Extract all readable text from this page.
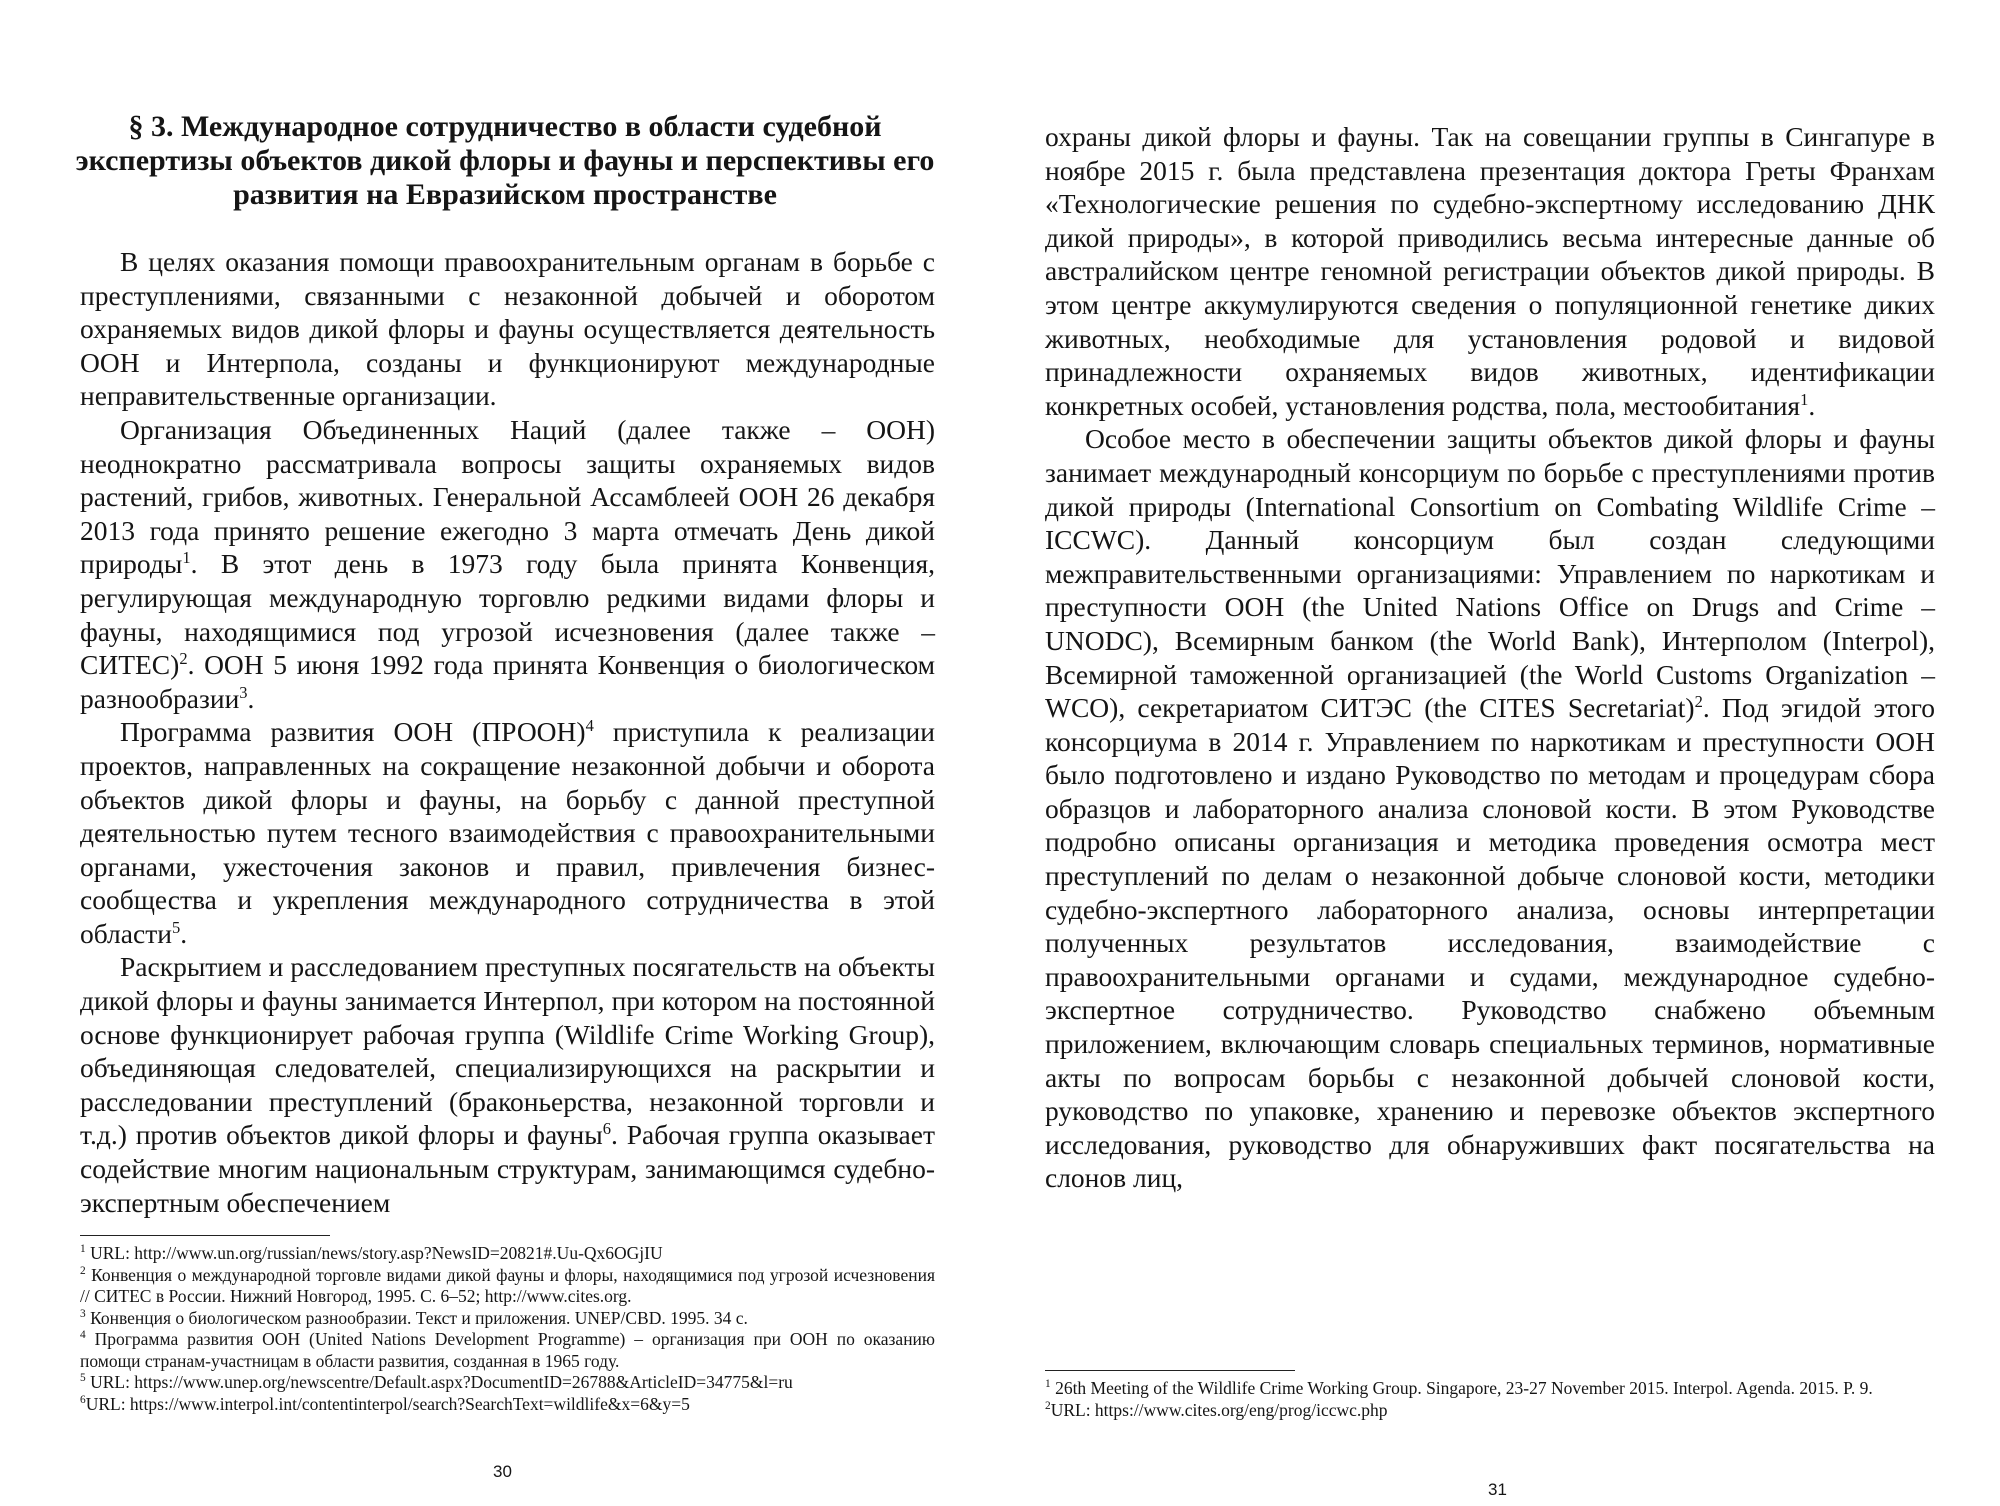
§ 3. Международное сотрудничество в области судебной
экспертизы объектов дикой флоры и фауны и перспективы его
развития на Евразийском пространстве

В целях оказания помощи правоохранительным органам в борьбе с преступлениями, связанными с незаконной добычей и оборотом охраняемых видов дикой флоры и фауны осуществляется деятельность ООН и Интерпола, созданы и функционируют международные неправительственные организации.

Организация Объединенных Наций (далее также – ООН) неоднократно рассматривала вопросы защиты охраняемых видов растений, грибов, животных. Генеральной Ассамблеей ООН 26 декабря 2013 года принято решение ежегодно 3 марта отмечать День дикой природы$^1$. В этот день в 1973 году была принята Конвенция, регулирующая международную торговлю редкими видами флоры и фауны, находящимися под угрозой исчезновения (далее также – СИТЕС)$^2$. ООН 5 июня 1992 года принята Конвенция о биологическом разнообразии$^3$.

Программа развития ООН (ПРООН)$^4$ приступила к реализации проектов, направленных на сокращение незаконной добычи и оборота объектов дикой флоры и фауны, на борьбу с данной преступной деятельностью путем тесного взаимодействия с правоохранительными органами, ужесточения законов и правил, привлечения бизнес-сообщества и укрепления международного сотрудничества в этой области$^5$.

Раскрытием и расследованием преступных посягательств на объекты дикой флоры и фауны занимается Интерпол, при котором на постоянной основе функционирует рабочая группа (Wildlife Crime Working Group), объединяющая следователей, специализирующихся на раскрытии и расследовании преступлений (браконьерства, незаконной торговли и т.д.) против объектов дикой флоры и фауны$^6$. Рабочая группа оказывает содействие многим национальным структурам, занимающимся судебно-экспертным обеспечением

$^1$ URL: http://www.un.org/russian/news/story.asp?NewsID=20821#.Uu-Qx6OGjIU

$^2$ Конвенция о международной торговле видами дикой фауны и флоры, находящимися под угрозой исчезновения // СИТЕС в России. Нижний Новгород, 1995. С. 6–52; http://www.cites.org.

$^3$ Конвенция о биологическом разнообразии. Текст и приложения. UNEP/CBD. 1995. 34 с.

$^4$ Программа развития ООН (United Nations Development Programme) – организация при ООН по оказанию помощи странам-участницам в области развития, созданная в 1965 году.

$^5$ URL: https://www.unep.org/newscentre/Default.aspx?DocumentID=26788&ArticleID=34775&l=ru

$^6$URL: https://www.interpol.int/contentinterpol/search?SearchText=wildlife&x=6&y=5

30

охраны дикой флоры и фауны. Так на совещании группы в Сингапуре в ноябре 2015 г. была представлена презентация доктора Греты Франхам «Технологические решения по судебно-экспертному исследованию ДНК дикой природы», в которой приводились весьма интересные данные об австралийском центре геномной регистрации объектов дикой природы. В этом центре аккумулируются сведения о популяционной генетике диких животных, необходимые для установления родовой и видовой принадлежности охраняемых видов животных, идентификации конкретных особей, установления родства, пола, местообитания$^1$.

Особое место в обеспечении защиты объектов дикой флоры и фауны занимает международный консорциум по борьбе с преступлениями против дикой природы (International Consortium on Combating Wildlife Crime – ICCWC). Данный консорциум был создан следующими межправительственными организациями: Управлением по наркотикам и преступности ООН (the United Nations Office on Drugs and Crime – UNODC), Всемирным банком (the World Bank), Интерполом (Interpol), Всемирной таможенной организацией (the World Customs Organization – WCO), секретариатом СИТЭС (the CITES Secretariat)$^2$. Под эгидой этого консорциума в 2014 г. Управлением по наркотикам и преступности ООН было подготовлено и издано Руководство по методам и процедурам сбора образцов и лабораторного анализа слоновой кости. В этом Руководстве подробно описаны организация и методика проведения осмотра мест преступлений по делам о незаконной добыче слоновой кости, методики судебно-экспертного лабораторного анализа, основы интерпретации полученных результатов исследования, взаимодействие с правоохранительными органами и судами, международное судебно-экспертное сотрудничество. Руководство снабжено объемным приложением, включающим словарь специальных терминов, нормативные акты по вопросам борьбы с незаконной добычей слоновой кости, руководство по упаковке, хранению и перевозке объектов экспертного исследования, руководство для обнаруживших факт посягательства на слонов лиц,

$^1$ 26th Meeting of the Wildlife Crime Working Group. Singapore, 23-27 November 2015. Interpol. Agenda. 2015. P. 9.

$^2$URL: https://www.cites.org/eng/prog/iccwc.php

31
